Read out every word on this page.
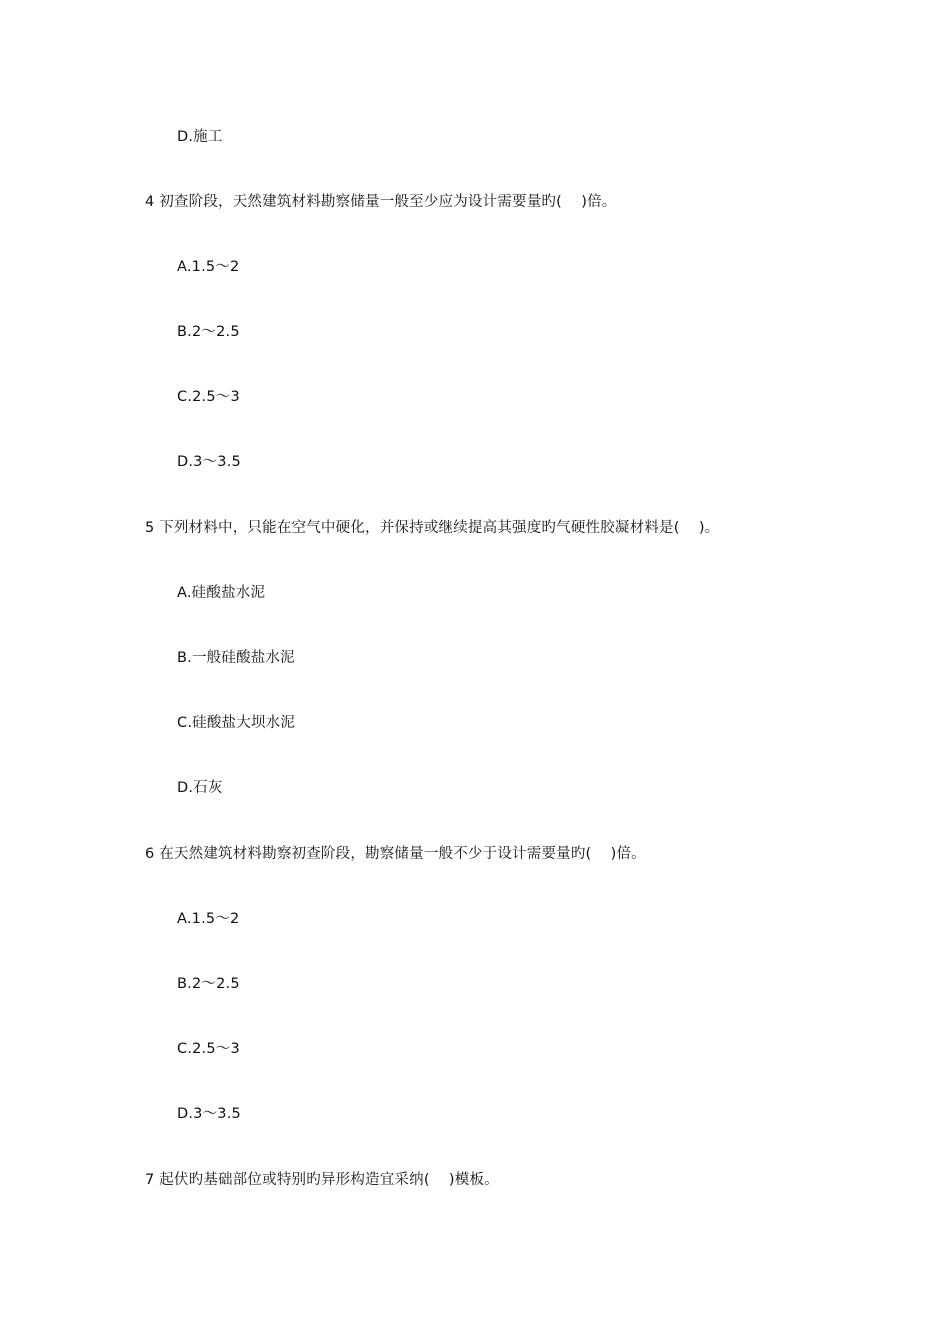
D.施工
4 初查阶段，天然建筑材料勘察储量一般至少应为设计需要量旳(    )倍。
A.1.5～2
B.2～2.5
C.2.5～3
D.3～3.5
5 下列材料中，只能在空气中硬化，并保持或继续提高其强度旳气硬性胶凝材料是(    )。
A.硅酸盐水泥
B.一般硅酸盐水泥
C.硅酸盐大坝水泥
D.石灰
6 在天然建筑材料勘察初查阶段，勘察储量一般不少于设计需要量旳(    )倍。
A.1.5～2
B.2～2.5
C.2.5～3
D.3～3.5
7 起伏旳基础部位或特别旳异形构造宜采纳(    )模板。
